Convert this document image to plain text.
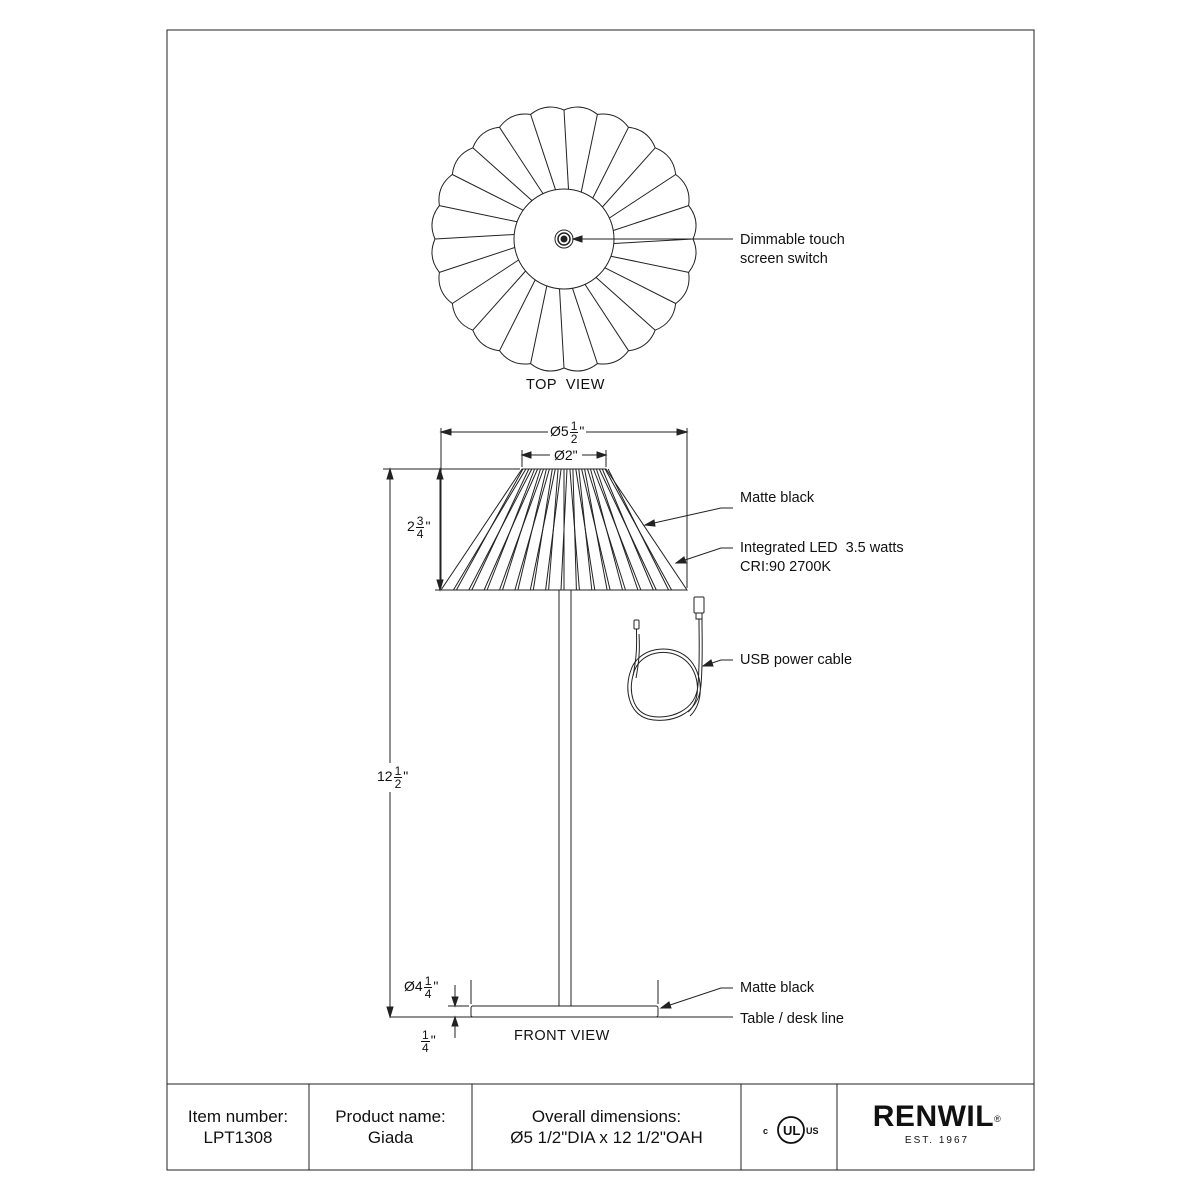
Dimmable touch
screen switch
TOP  VIEW
Ø5 $\frac{1}{2}$ "
Ø2"
$2 \frac{3}{4}$ "
$12 \frac{1}{2}$ "
Ø4 $\frac{1}{4}$ "
$\frac{1}{4}$ "
Matte black
Integrated LED  3.5 watts
CRI:90 2700K
USB power cable
Matte black
Table / desk line
FRONT VIEW
Item number:
LPT1308
Product name:
Giada
Overall dimensions:
Ø5 1/2"DIA x 12 1/2"OAH	c UL US	RENWIL®
EST. 1967
